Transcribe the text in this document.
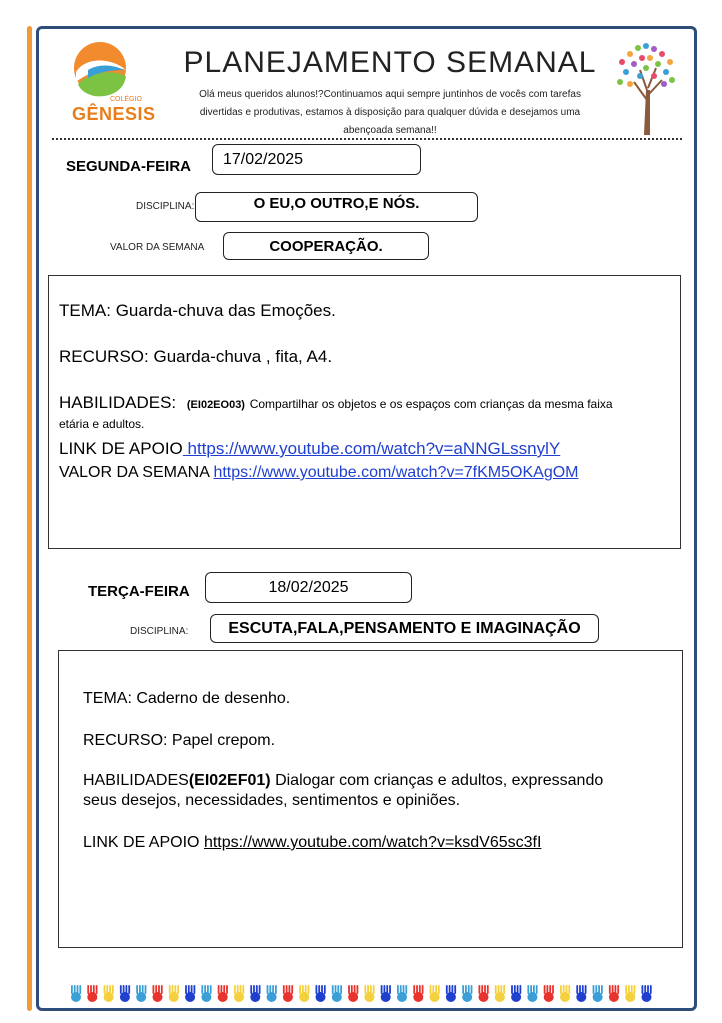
COLÉGIO
GÊNESIS
PLANEJAMENTO SEMANAL
Olá meus queridos alunos!?Continuamos aqui sempre juntinhos de vocês com tarefas
divertidas e produtivas, estamos à disposição para qualquer dúvida e desejamos uma
abençoada semana!!
SEGUNDA-FEIRA	17/02/2025
DISCIPLINA:	O EU,O OUTRO,E NÓS.
VALOR DA SEMANA	COOPERAÇÃO.
TEMA: Guarda-chuva das Emoções.
RECURSO: Guarda-chuva , fita, A4.
HABILIDADES: (EI02EO03) Compartilhar os objetos e os espaços com crianças da mesma faixa
etária e adultos.
LINK DE APOIO https://www.youtube.com/watch?v=aNNGLssnylY
VALOR DA SEMANA https://www.youtube.com/watch?v=7fKM5OKAgOM
TERÇA-FEIRA	18/02/2025
DISCIPLINA: ESCUTA,FALA,PENSAMENTO E IMAGINAÇÃO
TEMA: Caderno de desenho.
RECURSO: Papel crepom.
HABILIDADES(EI02EF01) Dialogar com crianças e adultos, expressando
seus desejos, necessidades, sentimentos e opiniões.
LINK DE APOIO https://www.youtube.com/watch?v=ksdV65sc3fI
